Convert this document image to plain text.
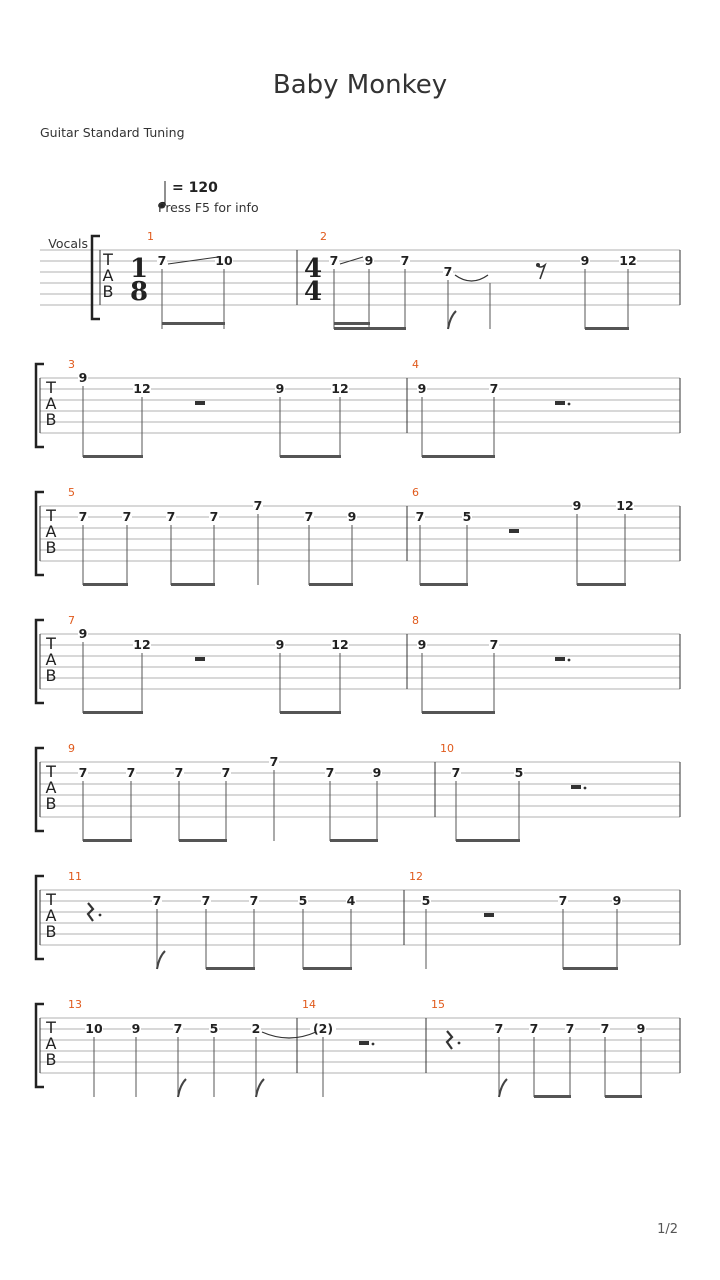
Baby Monkey
Guitar Standard Tuning
= 120
Press F5 for info
T
A
B
Vocals
1
8
4
4
1	2
7	10	7 9 7
7
9 12
T
A
B
3	4
9
12	9	12	9	7
T
A
B
5	6
7	7	7	7
7
7	9	7	5
9	12
T
A
B
7	8
9
12	9	12	9	7
T
A
B
9	10
7	7	7	7
7
7	9	7	5
T
A
B
11	12
7	7	7	5	4	5	7	9
T
A
B
13	14	15
10 9	7 5	2	(2)	7 7 7 7 9
1/2
